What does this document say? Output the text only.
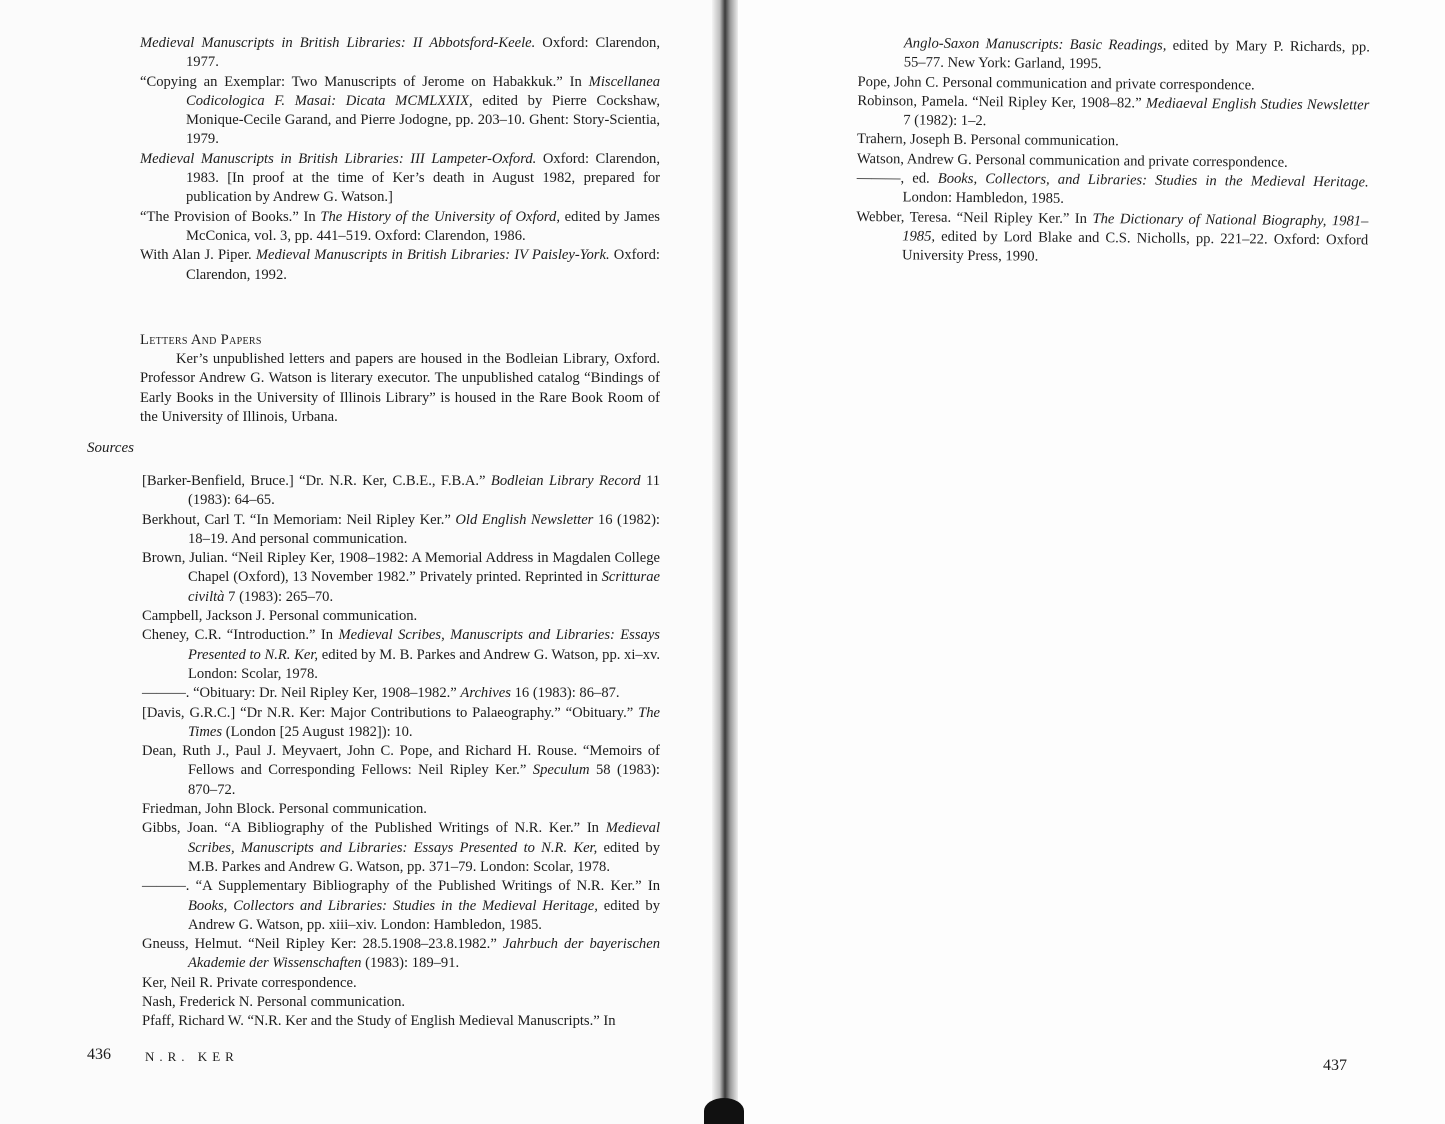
Medieval Manuscripts in British Libraries: II Abbotsford-Keele. Oxford: Clarendon, 1977.

“Copying an Exemplar: Two Manuscripts of Jerome on Habakkuk.” In Miscellanea Codicologica F. Masai: Dicata MCMLXXIX, edited by Pierre Cockshaw, Monique-Cecile Garand, and Pierre Jodogne, pp. 203–10. Ghent: Story-Scientia, 1979.

Medieval Manuscripts in British Libraries: III Lampeter-Oxford. Oxford: Clarendon, 1983. [In proof at the time of Ker’s death in August 1982, prepared for publication by Andrew G. Watson.]

“The Provision of Books.” In The History of the University of Oxford, edited by James McConica, vol. 3, pp. 441–519. Oxford: Clarendon, 1986.

With Alan J. Piper. Medieval Manuscripts in British Libraries: IV Paisley-York. Oxford: Clarendon, 1992.

Letters And Papers

Ker’s unpublished letters and papers are housed in the Bodleian Library, Oxford. Professor Andrew G. Watson is literary executor. The unpublished catalog “Bindings of Early Books in the University of Illinois Library” is housed in the Rare Book Room of the University of Illinois, Urbana.

Sources

[Barker-Benfield, Bruce.] “Dr. N.R. Ker, C.B.E., F.B.A.” Bodleian Library Record 11 (1983): 64–65.

Berkhout, Carl T. “In Memoriam: Neil Ripley Ker.” Old English Newsletter 16 (1982): 18–19. And personal communication.

Brown, Julian. “Neil Ripley Ker, 1908–1982: A Memorial Address in Magdalen College Chapel (Oxford), 13 November 1982.” Privately printed. Reprinted in Scritturae civiltà 7 (1983): 265–70.

Campbell, Jackson J. Personal communication.

Cheney, C.R. “Introduction.” In Medieval Scribes, Manuscripts and Libraries: Essays Presented to N.R. Ker, edited by M. B. Parkes and Andrew G. Watson, pp. xi–xv. London: Scolar, 1978.

———. “Obituary: Dr. Neil Ripley Ker, 1908–1982.” Archives 16 (1983): 86–87.

[Davis, G.R.C.] “Dr N.R. Ker: Major Contributions to Palaeography.” “Obituary.” The Times (London [25 August 1982]): 10.

Dean, Ruth J., Paul J. Meyvaert, John C. Pope, and Richard H. Rouse. “Memoirs of Fellows and Corresponding Fellows: Neil Ripley Ker.” Speculum 58 (1983): 870–72.

Friedman, John Block. Personal communication.

Gibbs, Joan. “A Bibliography of the Published Writings of N.R. Ker.” In Medieval Scribes, Manuscripts and Libraries: Essays Presented to N.R. Ker, edited by M.B. Parkes and Andrew G. Watson, pp. 371–79. London: Scolar, 1978.

———. “A Supplementary Bibliography of the Published Writings of N.R. Ker.” In Books, Collectors and Libraries: Studies in the Medieval Heritage, edited by Andrew G. Watson, pp. xiii–xiv. London: Hambledon, 1985.

Gneuss, Helmut. “Neil Ripley Ker: 28.5.1908–23.8.1982.” Jahrbuch der bayerischen Akademie der Wissenschaften (1983): 189–91.

Ker, Neil R. Private correspondence.

Nash, Frederick N. Personal communication.

Pfaff, Richard W. “N.R. Ker and the Study of English Medieval Manuscripts.” In

436	N.R. KER

Anglo-Saxon Manuscripts: Basic Readings, edited by Mary P. Richards, pp. 55–77. New York: Garland, 1995.

Pope, John C. Personal communication and private correspondence.

Robinson, Pamela. “Neil Ripley Ker, 1908–82.” Mediaeval English Studies Newsletter 7 (1982): 1–2.

Trahern, Joseph B. Personal communication.

Watson, Andrew G. Personal communication and private correspondence.

———, ed. Books, Collectors, and Libraries: Studies in the Medieval Heritage. London: Hambledon, 1985.

Webber, Teresa. “Neil Ripley Ker.” In The Dictionary of National Biography, 1981–1985, edited by Lord Blake and C.S. Nicholls, pp. 221–22. Oxford: Oxford University Press, 1990.

437
